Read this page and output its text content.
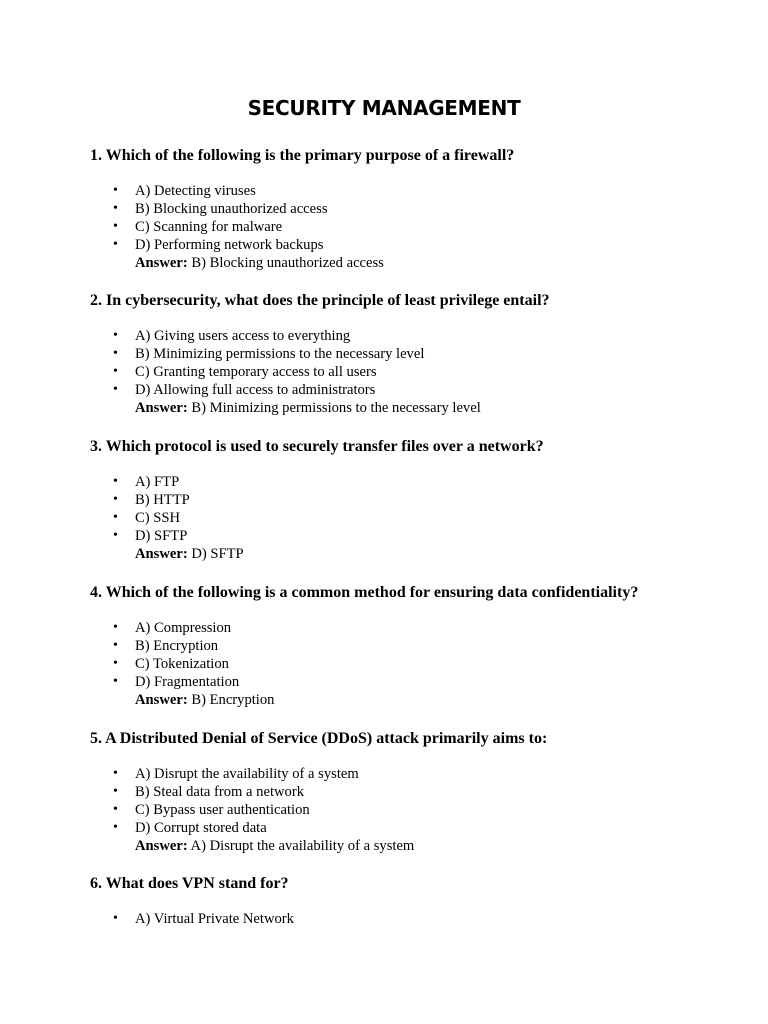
SECURITY MANAGEMENT

1. Which of the following is the primary purpose of a firewall?

• A) Detecting viruses
• B) Blocking unauthorized access
• C) Scanning for malware
• D) Performing network backups
Answer: B) Blocking unauthorized access

2. In cybersecurity, what does the principle of least privilege entail?

• A) Giving users access to everything
• B) Minimizing permissions to the necessary level
• C) Granting temporary access to all users
• D) Allowing full access to administrators
Answer: B) Minimizing permissions to the necessary level

3. Which protocol is used to securely transfer files over a network?

• A) FTP
• B) HTTP
• C) SSH
• D) SFTP
Answer: D) SFTP

4. Which of the following is a common method for ensuring data confidentiality?

• A) Compression
• B) Encryption
• C) Tokenization
• D) Fragmentation
Answer: B) Encryption

5. A Distributed Denial of Service (DDoS) attack primarily aims to:

• A) Disrupt the availability of a system
• B) Steal data from a network
• C) Bypass user authentication
• D) Corrupt stored data
Answer: A) Disrupt the availability of a system

6. What does VPN stand for?

• A) Virtual Private Network
